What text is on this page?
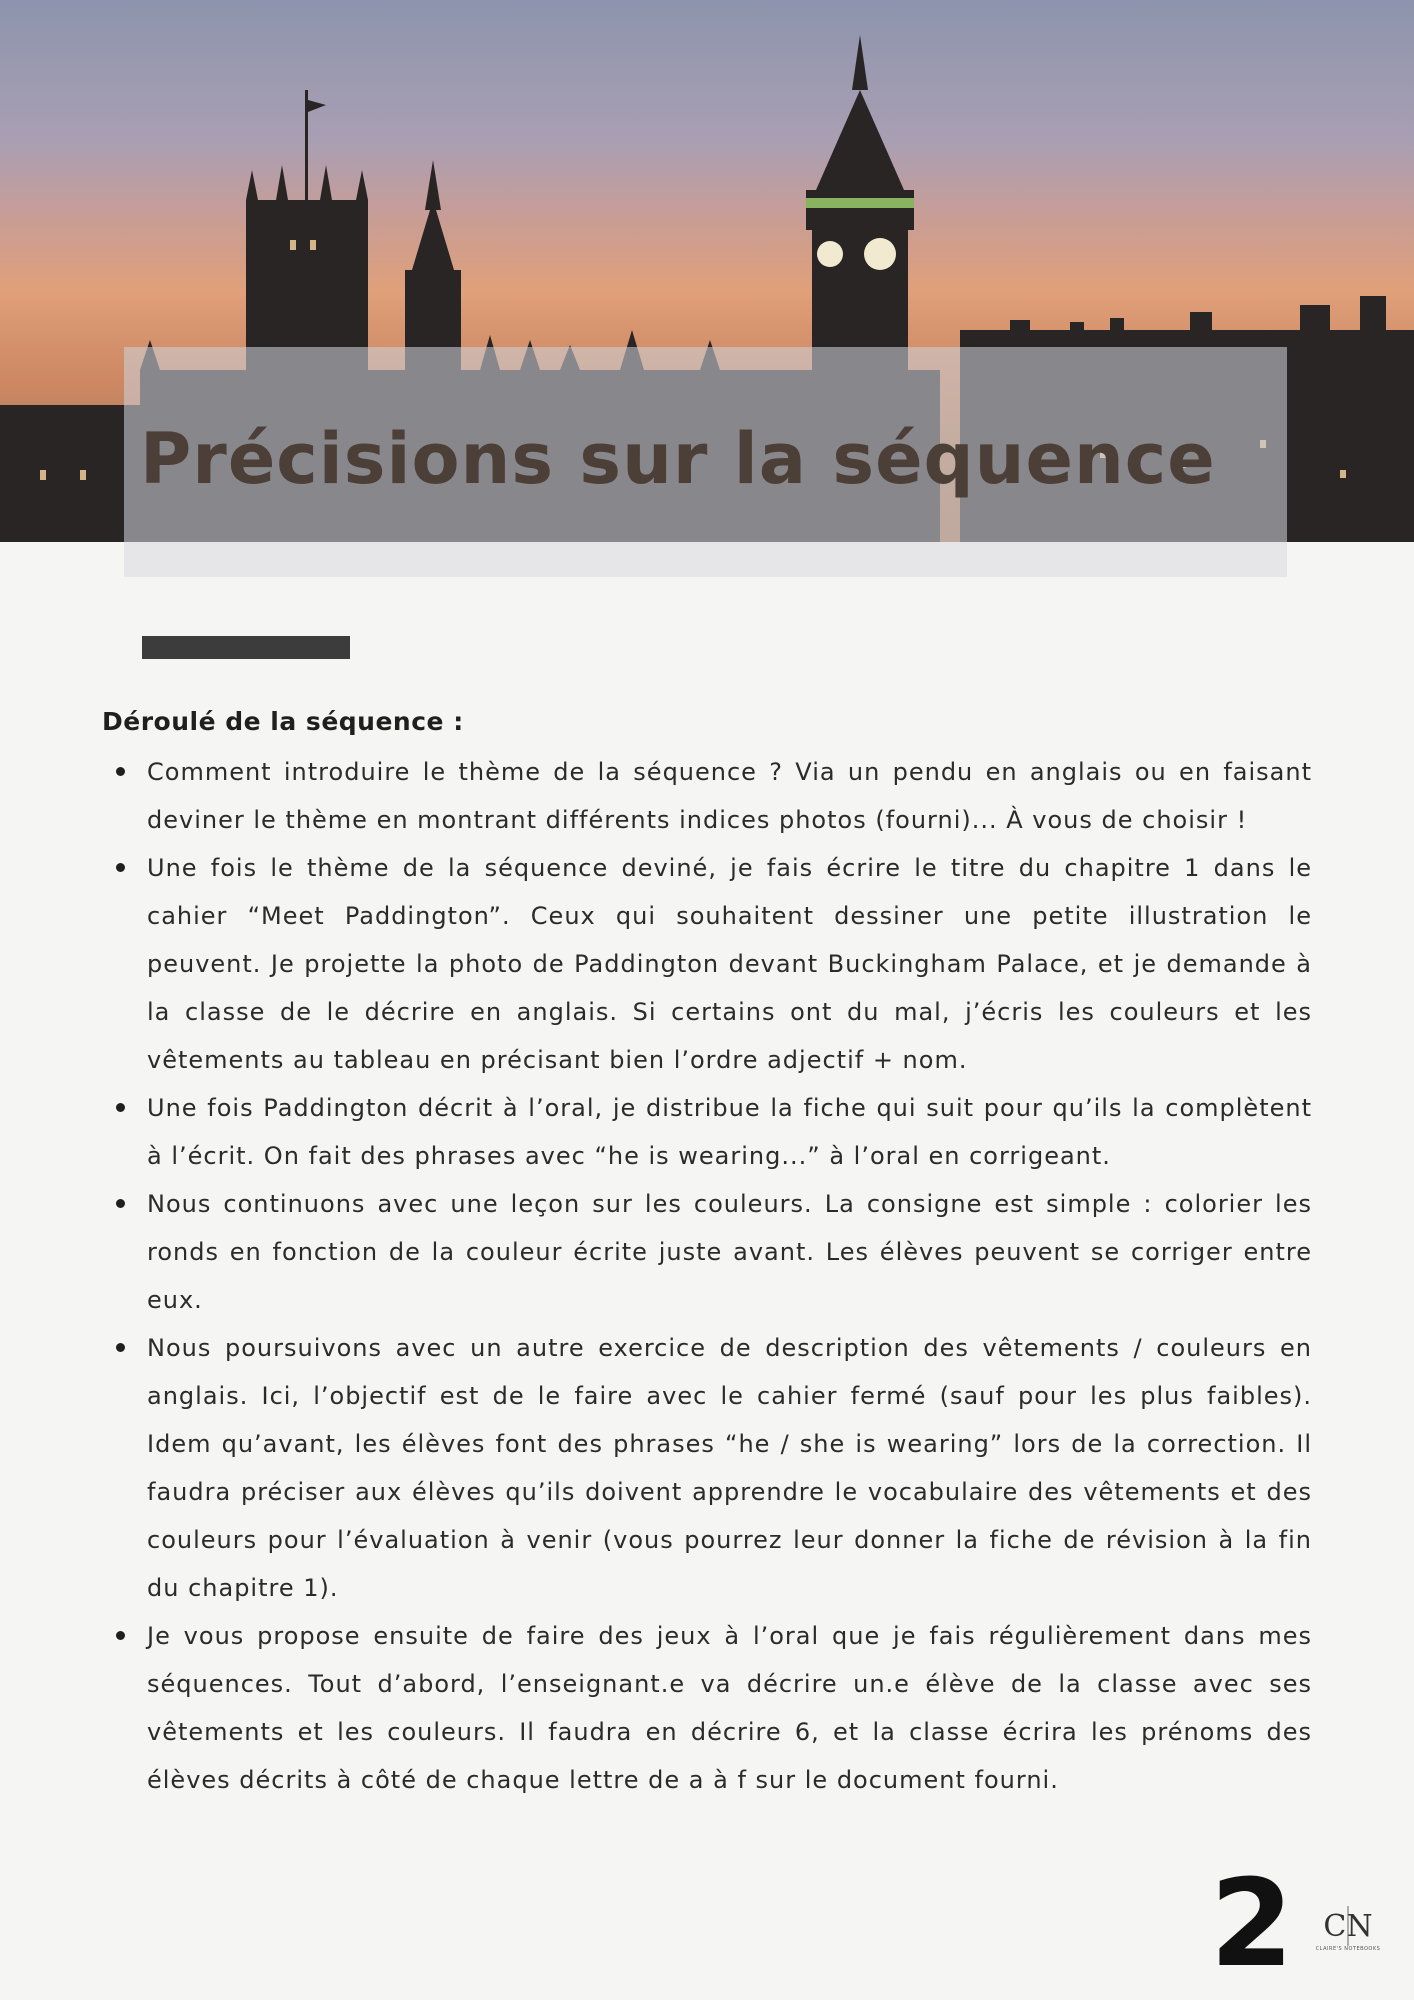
Précisions sur la séquence
Déroulé de la séquence :
Comment introduire le thème de la séquence ? Via un pendu en anglais ou en faisant deviner le thème en montrant différents indices photos (fourni)... À vous de choisir !
Une fois le thème de la séquence deviné, je fais écrire le titre du chapitre 1 dans le cahier “Meet Paddington”. Ceux qui souhaitent dessiner une petite illustration le peuvent. Je projette la photo de Paddington devant Buckingham Palace, et je demande à la classe de le décrire en anglais. Si certains ont du mal, j’écris les couleurs et les vêtements au tableau en précisant bien l’ordre adjectif + nom.
Une fois Paddington décrit à l’oral, je distribue la fiche qui suit pour qu’ils la complètent à l’écrit. On fait des phrases avec “he is wearing...” à l’oral en corrigeant.
Nous continuons avec une leçon sur les couleurs. La consigne est simple : colorier les ronds en fonction de la couleur écrite juste avant. Les élèves peuvent se corriger entre eux.
Nous poursuivons avec un autre exercice de description des vêtements / couleurs en anglais. Ici, l’objectif est de le faire avec le cahier fermé (sauf pour les plus faibles). Idem qu’avant, les élèves font des phrases “he / she is wearing” lors de la correction. Il faudra préciser aux élèves qu’ils doivent apprendre le vocabulaire des vêtements et des couleurs pour l’évaluation à venir (vous pourrez leur donner la fiche de révision à la fin du chapitre 1).
Je vous propose ensuite de faire des jeux à l’oral que je fais régulièrement dans mes séquences. Tout d’abord, l’enseignant.e va décrire un.e élève de la classe avec ses vêtements et les couleurs. Il faudra en décrire 6, et la classe écrira les prénoms des élèves décrits à côté de chaque lettre de a à f sur le document fourni.
2 CN
CLAIRE'S NOTEBOOKS
